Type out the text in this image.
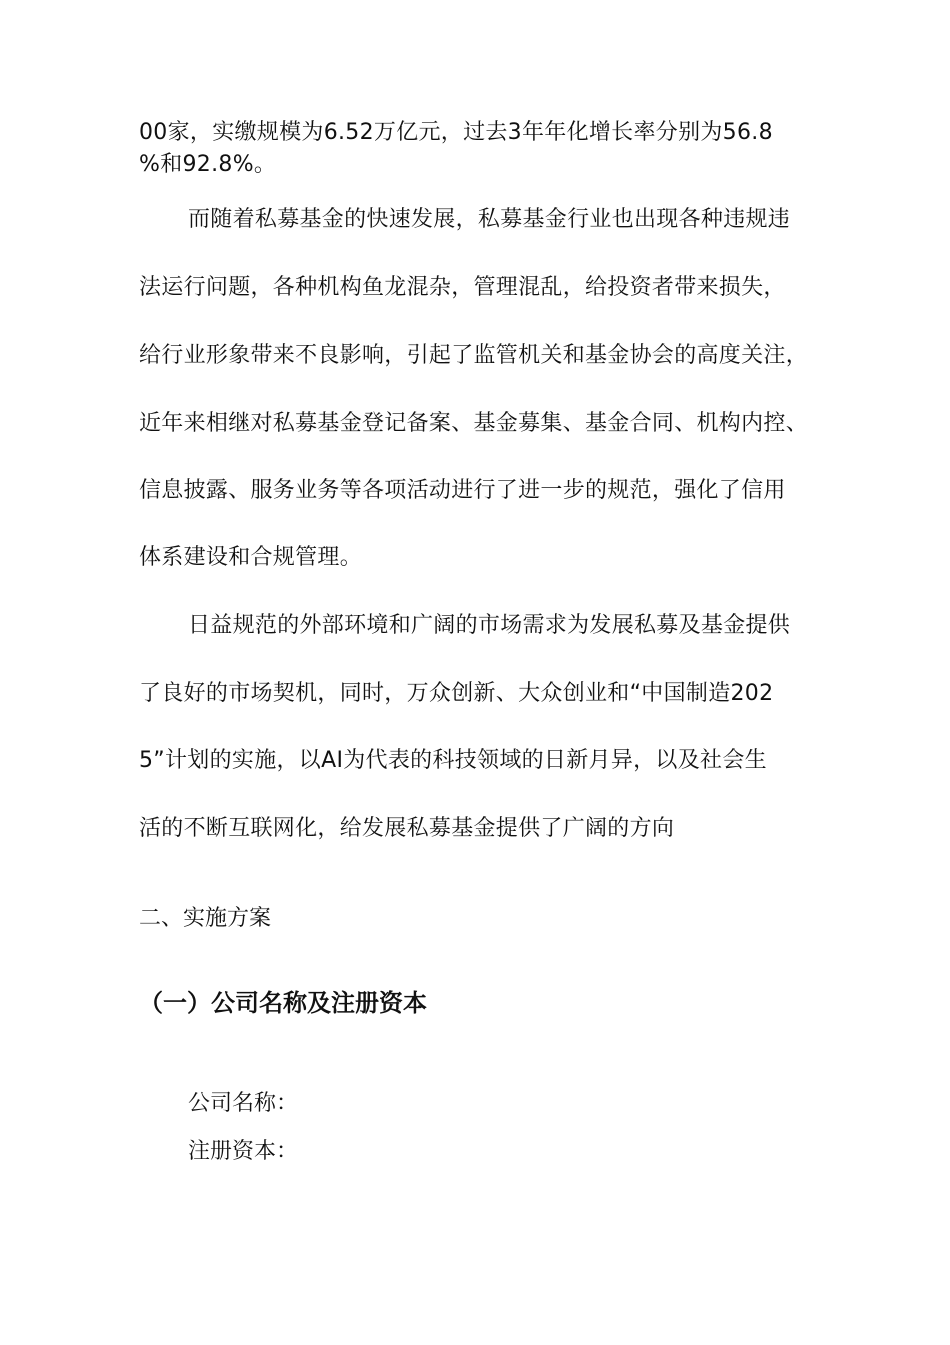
00家，实缴规模为6.52万亿元，过去3年年化增长率分别为56.8
%和92.8%。
而随着私募基金的快速发展，私募基金行业也出现各种违规违
法运行问题，各种机构鱼龙混杂，管理混乱，给投资者带来损失，
给行业形象带来不良影响，引起了监管机关和基金协会的高度关注，
近年来相继对私募基金登记备案、基金募集、基金合同、机构内控、
信息披露、服务业务等各项活动进行了进一步的规范，强化了信用
体系建设和合规管理。
日益规范的外部环境和广阔的市场需求为发展私募及基金提供
了良好的市场契机，同时，万众创新、大众创业和“中国制造202
5”计划的实施，以AI为代表的科技领域的日新月异，以及社会生
活的不断互联网化，给发展私募基金提供了广阔的方向
二、实施方案
（一）公司名称及注册资本
公司名称：
注册资本：
